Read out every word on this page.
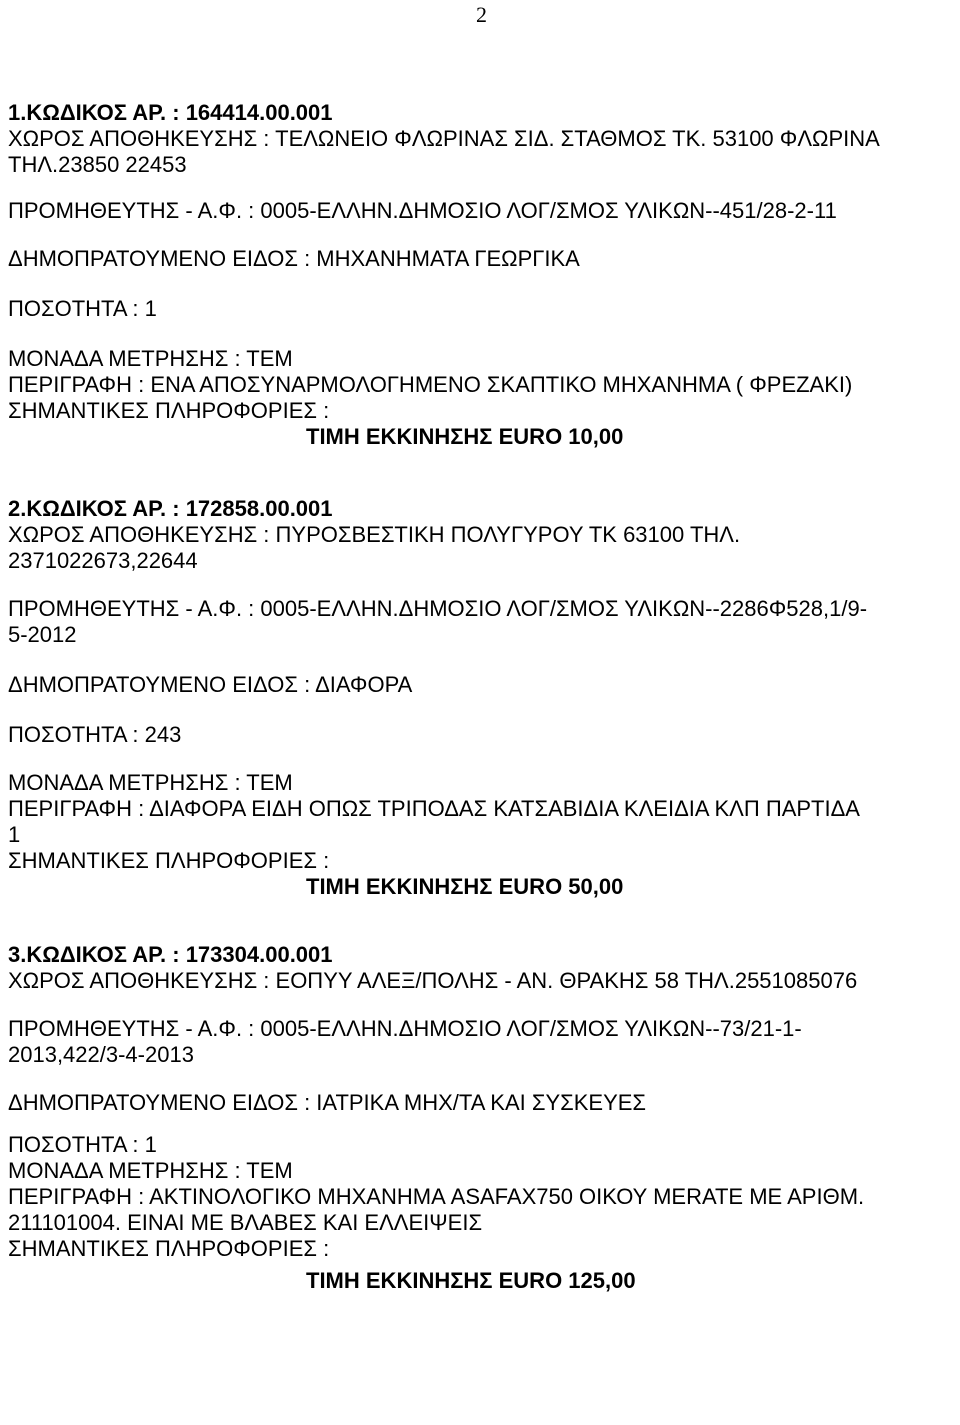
2
1.ΚΩΔΙΚΟΣ ΑΡ. : 164414.00.001
ΧΩΡΟΣ ΑΠΟΘΗΚΕΥΣΗΣ : ΤΕΛΩΝΕΙΟ ΦΛΩΡΙΝΑΣ ΣΙΔ. ΣΤΑΘΜΟΣ ΤΚ. 53100 ΦΛΩΡΙΝΑ
ΤΗΛ.23850 22453
ΠΡΟΜΗΘΕΥΤΗΣ - Α.Φ. : 0005-ΕΛΛΗΝ.ΔΗΜΟΣΙΟ ΛΟΓ/ΣΜΟΣ ΥΛΙΚΩΝ--451/28-2-11
ΔΗΜΟΠΡΑΤΟΥΜΕΝΟ ΕΙΔΟΣ : ΜΗΧΑΝΗΜΑΤΑ ΓΕΩΡΓΙΚΑ
ΠΟΣΟΤΗΤΑ : 1
ΜΟΝΑΔΑ ΜΕΤΡΗΣΗΣ : ΤΕΜ
ΠΕΡΙΓΡΑΦΗ : ΕΝΑ ΑΠΟΣΥΝΑΡΜΟΛΟΓΗΜΕΝΟ ΣΚΑΠΤΙΚΟ ΜΗΧΑΝΗΜΑ ( ΦΡΕΖΑΚΙ)
ΣΗΜΑΝΤΙΚΕΣ ΠΛΗΡΟΦΟΡΙΕΣ :
ΤΙΜΗ ΕΚΚΙΝΗΣΗΣ EURO 10,00
2.ΚΩΔΙΚΟΣ ΑΡ. : 172858.00.001
ΧΩΡΟΣ ΑΠΟΘΗΚΕΥΣΗΣ : ΠΥΡΟΣΒΕΣΤΙΚΗ ΠΟΛΥΓΥΡΟΥ ΤΚ 63100 ΤΗΛ.
2371022673,22644
ΠΡΟΜΗΘΕΥΤΗΣ - Α.Φ. : 0005-ΕΛΛΗΝ.ΔΗΜΟΣΙΟ ΛΟΓ/ΣΜΟΣ ΥΛΙΚΩΝ--2286Φ528,1/9-
5-2012
ΔΗΜΟΠΡΑΤΟΥΜΕΝΟ ΕΙΔΟΣ : ΔΙΑΦΟΡΑ
ΠΟΣΟΤΗΤΑ : 243
ΜΟΝΑΔΑ ΜΕΤΡΗΣΗΣ : ΤΕΜ
ΠΕΡΙΓΡΑΦΗ : ΔΙΑΦΟΡΑ ΕΙΔΗ ΟΠΩΣ ΤΡΙΠΟΔΑΣ ΚΑΤΣΑΒΙΔΙΑ ΚΛΕΙΔΙΑ ΚΛΠ ΠΑΡΤΙΔΑ
1
ΣΗΜΑΝΤΙΚΕΣ ΠΛΗΡΟΦΟΡΙΕΣ :
ΤΙΜΗ ΕΚΚΙΝΗΣΗΣ EURO 50,00
3.ΚΩΔΙΚΟΣ ΑΡ. : 173304.00.001
ΧΩΡΟΣ ΑΠΟΘΗΚΕΥΣΗΣ : ΕΟΠΥΥ ΑΛΕΞ/ΠΟΛΗΣ - ΑΝ. ΘΡΑΚΗΣ 58 ΤΗΛ.2551085076
ΠΡΟΜΗΘΕΥΤΗΣ - Α.Φ. : 0005-ΕΛΛΗΝ.ΔΗΜΟΣΙΟ ΛΟΓ/ΣΜΟΣ ΥΛΙΚΩΝ--73/21-1-
2013,422/3-4-2013
ΔΗΜΟΠΡΑΤΟΥΜΕΝΟ ΕΙΔΟΣ : ΙΑΤΡΙΚΑ ΜΗΧ/ΤΑ ΚΑΙ ΣΥΣΚΕΥΕΣ
ΠΟΣΟΤΗΤΑ : 1
ΜΟΝΑΔΑ ΜΕΤΡΗΣΗΣ : ΤΕΜ
ΠΕΡΙΓΡΑΦΗ : ΑΚΤΙΝΟΛΟΓΙΚΟ ΜΗΧΑΝΗΜΑ ASAFAX750 ΟΙΚΟΥ MERATE ΜΕ ΑΡΙΘΜ.
211101004. ΕΙΝΑΙ ΜΕ ΒΛΑΒΕΣ ΚΑΙ ΕΛΛΕΙΨΕΙΣ
ΣΗΜΑΝΤΙΚΕΣ ΠΛΗΡΟΦΟΡΙΕΣ :
ΤΙΜΗ ΕΚΚΙΝΗΣΗΣ EURO 125,00
